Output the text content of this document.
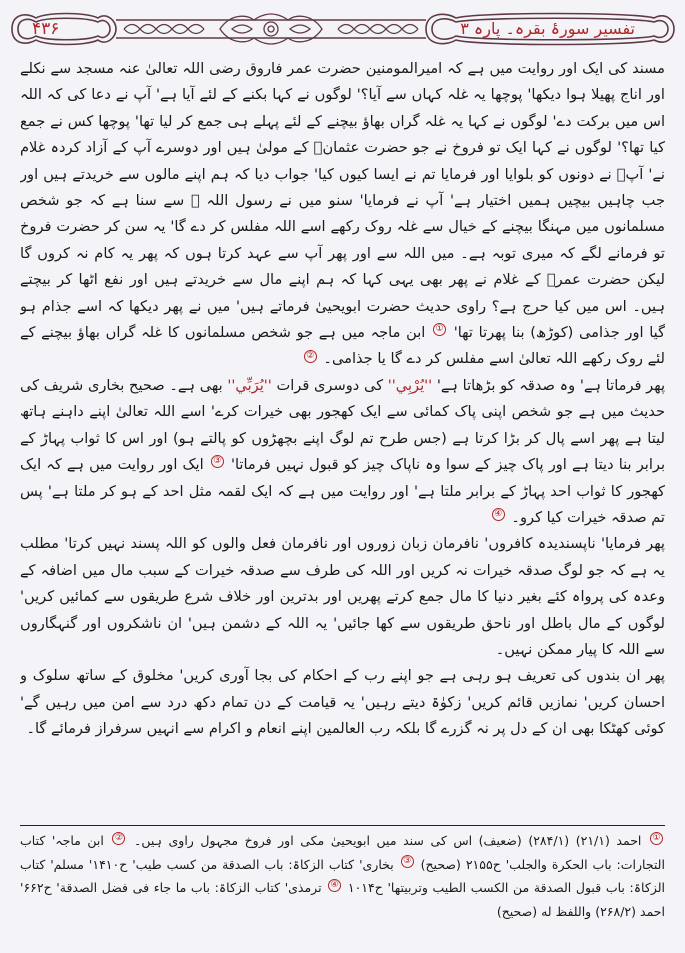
تفسیر سورۂ بقرہ۔ پارہ ۳
۴۳۶

مسند کی ایک اور روایت میں ہے کہ امیرالمومنین حضرت عمر فاروق رضی اللہ تعالیٰ عنہ مسجد سے نکلے اور اناج پھیلا ہوا دیکھا' پوچھا یہ غلہ کہاں سے آیا؟' لوگوں نے کہا بکنے کے لئے آیا ہے' آپ نے دعا کی کہ اللہ اس میں برکت دے' لوگوں نے کہا یہ غلہ گراں بھاؤ بیچنے کے لئے پہلے ہی جمع کر لیا تھا' پوچھا کس نے جمع کیا تھا؟' لوگوں نے کہا ایک تو فروخ نے جو حضرت عثمانؓ کے مولیٰ ہیں اور دوسرے آپ کے آزاد کردہ غلام نے' آپؓ نے دونوں کو بلوایا اور فرمایا تم نے ایسا کیوں کیا' جواب دیا کہ ہم اپنے مالوں سے خریدتے ہیں اور جب چاہیں بیچیں ہمیں اختیار ہے' آپ نے فرمایا' سنو میں نے رسول اللہ ﷺ سے سنا ہے کہ جو شخص مسلمانوں میں مہنگا بیچنے کے خیال سے غلہ روک رکھے اسے اللہ مفلس کر دے گا' یہ سن کر حضرت فروخ تو فرمانے لگے کہ میری توبہ ہے۔ میں اللہ سے اور پھر آپ سے عہد کرتا ہوں کہ پھر یہ کام نہ کروں گا لیکن حضرت عمرؓ کے غلام نے پھر بھی یہی کہا کہ ہم اپنے مال سے خریدتے ہیں اور نفع اٹھا کر بیچتے ہیں۔ اس میں کیا حرج ہے؟ راوی حدیث حضرت ابویحییٰ فرماتے ہیں' میں نے پھر دیکھا کہ اسے جذام ہو گیا اور جذامی (کوڑھ) بنا پھرتا تھا' ① ابن ماجہ میں ہے جو شخص مسلمانوں کا غلہ گراں بھاؤ بیچنے کے لئے روک رکھے اللہ تعالیٰ اسے مفلس کر دے گا یا جذامی۔ ②

پھر فرماتا ہے' وہ صدقہ کو بڑھاتا ہے' ''يُرْبِي'' کی دوسری قرات ''يُرَبِّي'' بھی ہے۔ صحیح بخاری شریف کی حدیث میں ہے جو شخص اپنی پاک کمائی سے ایک کھجور بھی خیرات کرے' اسے اللہ تعالیٰ اپنے داہنے ہاتھ لیتا ہے پھر اسے پال کر بڑا کرتا ہے (جس طرح تم لوگ اپنے بچھڑوں کو پالتے ہو) اور اس کا ثواب پہاڑ کے برابر بنا دیتا ہے اور پاک چیز کے سوا وہ ناپاک چیز کو قبول نہیں فرماتا' ③ ایک اور روایت میں ہے کہ ایک کھجور کا ثواب احد پہاڑ کے برابر ملتا ہے' اور روایت میں ہے کہ ایک لقمہ مثل احد کے ہو کر ملتا ہے' پس تم صدقہ خیرات کیا کرو۔ ④

پھر فرمایا' ناپسندیدہ کافروں' نافرمان زبان زوروں اور نافرمان فعل والوں کو اللہ پسند نہیں کرتا' مطلب یہ ہے کہ جو لوگ صدقہ خیرات نہ کریں اور اللہ کی طرف سے صدقہ خیرات کے سبب مال میں اضافہ کے وعدہ کی پرواہ کئے بغیر دنیا کا مال جمع کرتے پھریں اور بدترین اور خلاف شرع طریقوں سے کمائیں کریں' لوگوں کے مال باطل اور ناحق طریقوں سے کھا جائیں' یہ اللہ کے دشمن ہیں' ان ناشکروں اور گنہگاروں سے اللہ کا پیار ممکن نہیں۔

پھر ان بندوں کی تعریف ہو رہی ہے جو اپنے رب کے احکام کی بجا آوری کریں' مخلوق کے ساتھ سلوک و احسان کریں' نمازیں قائم کریں' زکوٰۃ دیتے رہیں' یہ قیامت کے دن تمام دکھ درد سے امن میں رہیں گے' کوئی کھٹکا بھی ان کے دل پر نہ گزرے گا بلکہ رب العالمین اپنے انعام و اکرام سے انہیں سرفراز فرمائے گا۔

① احمد (۲۱/۱) (۲۸۴/۱) (ضعیف) اس کی سند میں ابویحییٰ مکی اور فروخ مجہول راوی ہیں۔ ② ابن ماجہ' کتاب التجارات: باب الحکرة والجلب' ح۲۱۵۵ (صحیح) ③ بخاری' کتاب الزکاۃ: باب الصدقة من کسب طیب' ح۱۴۱۰' مسلم' کتاب الزکاۃ: باب قبول الصدقة من الکسب الطیب وتربیتها' ح۱۰۱۴ ④ ترمذی' کتاب الزکاۃ: باب ما جاء فی فضل الصدقة' ح۶۶۲' احمد (۲۶۸/۲) واللفظ له (صحیح)
